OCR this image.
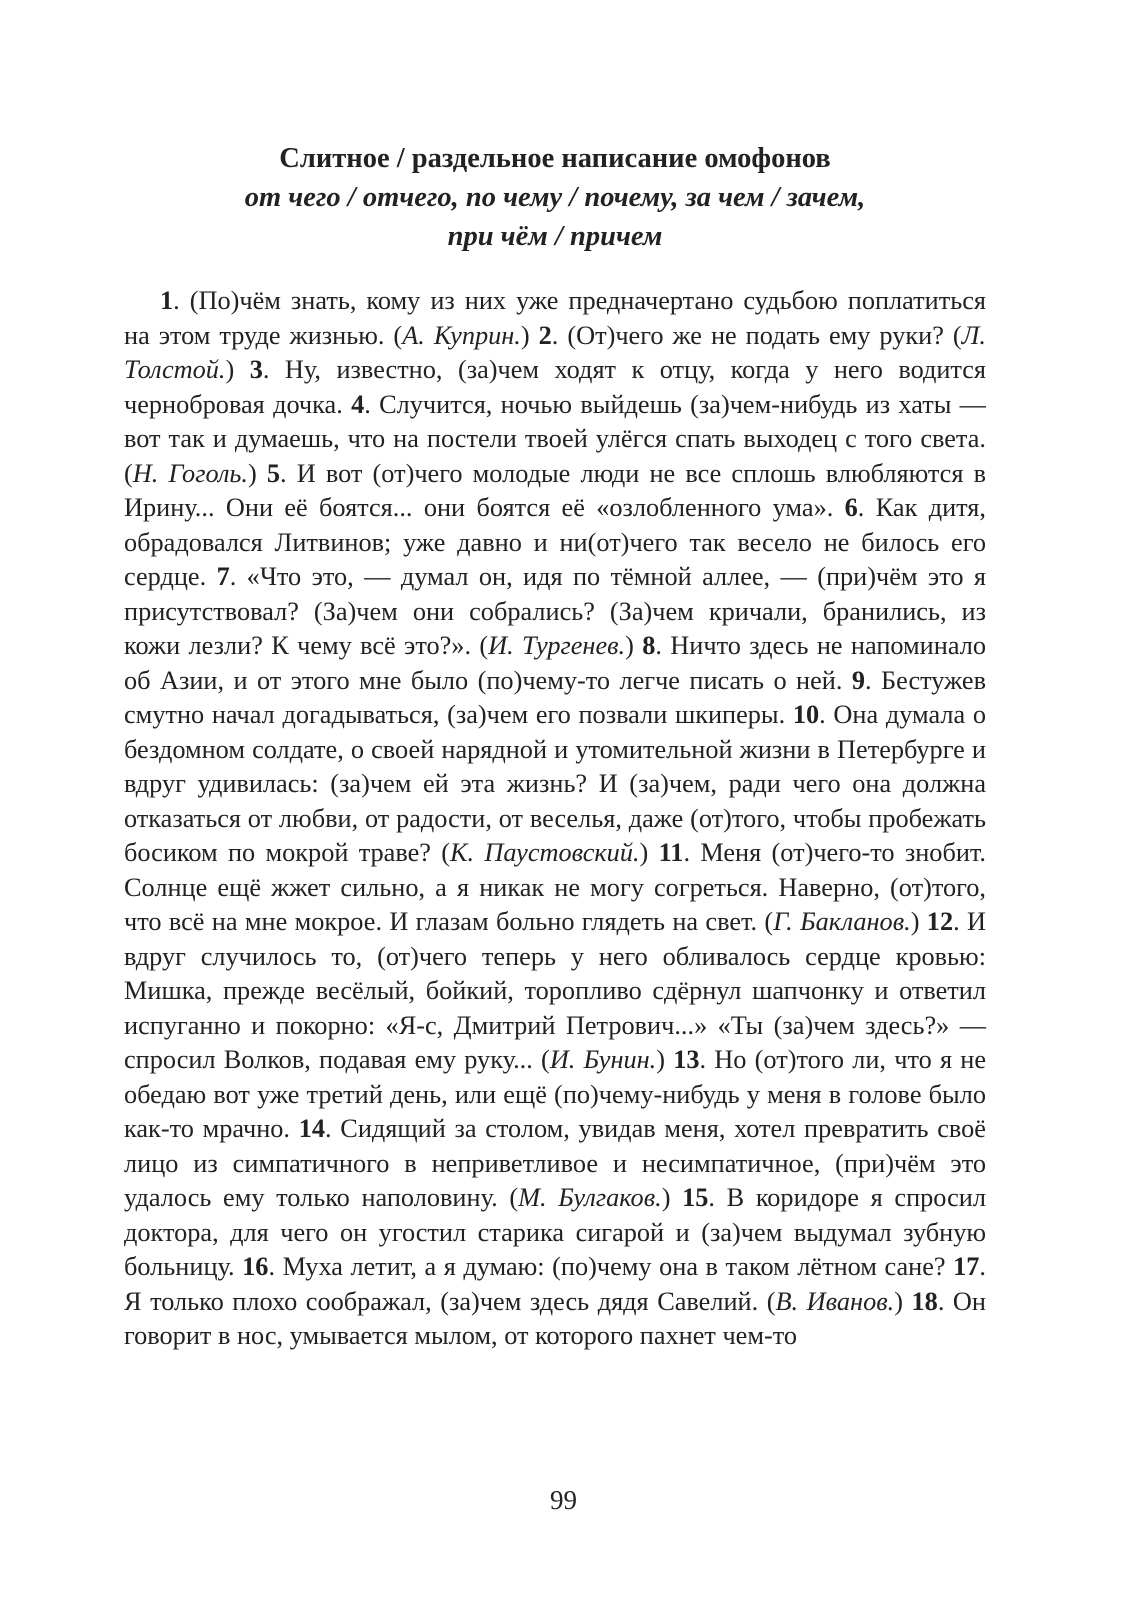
Слитное / раздельное написание омофонов
от чего / отчего, по чему / почему, за чем / зачем,
при чём / причем

1. (По)чём знать, кому из них уже предначертано судьбою поплатиться на этом труде жизнью. (А. Куприн.) 2. (От)чего же не подать ему руки? (Л. Толстой.) 3. Ну, известно, (за)чем ходят к отцу, когда у него водится чернобровая дочка. 4. Случится, ночью выйдешь (за)чем-нибудь из хаты — вот так и думаешь, что на постели твоей улёгся спать выходец с того света. (Н. Гоголь.) 5. И вот (от)чего молодые люди не все сплошь влюбляются в Ирину... Они её боятся... они боятся её «озлобленного ума». 6. Как дитя, обрадовался Литвинов; уже давно и ни(от)чего так весело не билось его сердце. 7. «Что это, — думал он, идя по тёмной аллее, — (при)чём это я присутствовал? (За)чем они собрались? (За)чем кричали, бранились, из кожи лезли? К чему всё это?». (И. Тургенев.) 8. Ничто здесь не напоминало об Азии, и от этого мне было (по)чему-то легче писать о ней. 9. Бестужев смутно начал догадываться, (за)чем его позвали шкиперы. 10. Она думала о бездомном солдате, о своей нарядной и утомительной жизни в Петербурге и вдруг удивилась: (за)чем ей эта жизнь? И (за)чем, ради чего она должна отказаться от любви, от радости, от веселья, даже (от)того, чтобы пробежать босиком по мокрой траве? (К. Паустовский.) 11. Меня (от)чего-то знобит. Солнце ещё жжет сильно, а я никак не могу согреться. Наверно, (от)того, что всё на мне мокрое. И глазам больно глядеть на свет. (Г. Бакланов.) 12. И вдруг случилось то, (от)чего теперь у него обливалось сердце кровью: Мишка, прежде весёлый, бойкий, торопливо сдёрнул шапчонку и ответил испуганно и покорно: «Я-с, Дмитрий Петрович...» «Ты (за)чем здесь?» — спросил Волков, подавая ему руку... (И. Бунин.) 13. Но (от)того ли, что я не обедаю вот уже третий день, или ещё (по)чему-нибудь у меня в голове было как-то мрачно. 14. Сидящий за столом, увидав меня, хотел превратить своё лицо из симпатичного в неприветливое и несимпатичное, (при)чём это удалось ему только наполовину. (М. Булгаков.) 15. В коридоре я спросил доктора, для чего он угостил старика сигарой и (за)чем выдумал зубную больницу. 16. Муха летит, а я думаю: (по)чему она в таком лётном сане? 17. Я только плохо соображал, (за)чем здесь дядя Савелий. (В. Иванов.) 18. Он говорит в нос, умывается мылом, от которого пахнет чем-то

99
